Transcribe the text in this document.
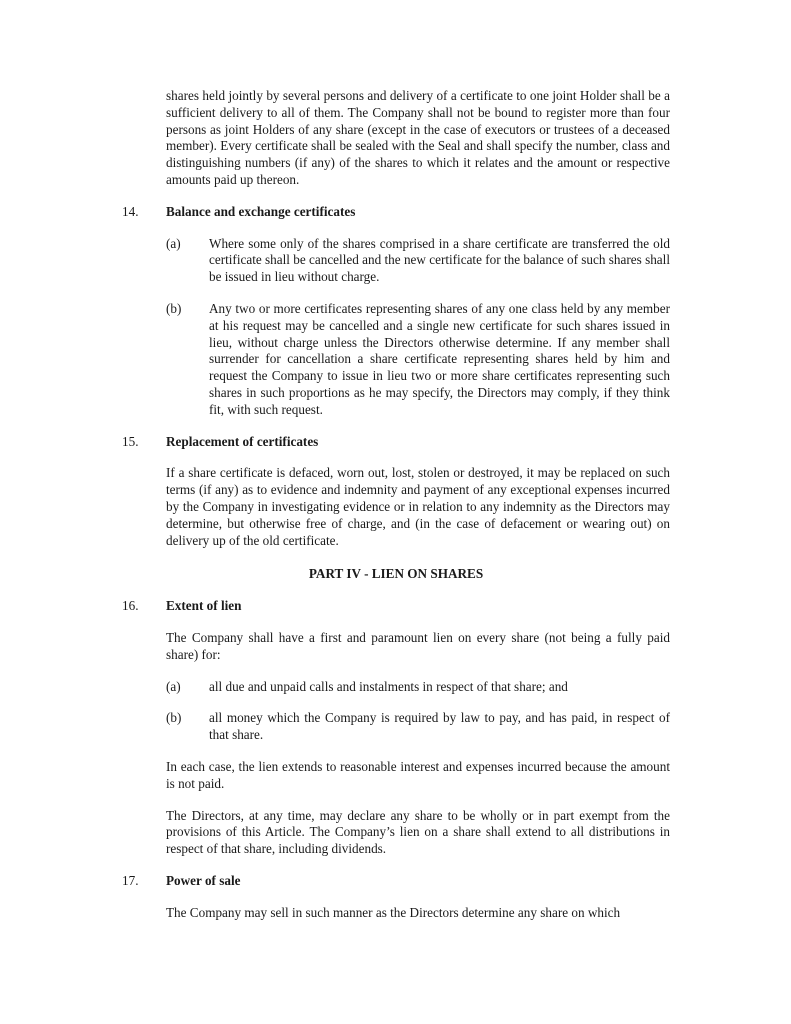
shares held jointly by several persons and delivery of a certificate to one joint Holder shall be a sufficient delivery to all of them. The Company shall not be bound to register more than four persons as joint Holders of any share (except in the case of executors or trustees of a deceased member). Every certificate shall be sealed with the Seal and shall specify the number, class and distinguishing numbers (if any) of the shares to which it relates and the amount or respective amounts paid up thereon.
14.	Balance and exchange certificates
(a)	Where some only of the shares comprised in a share certificate are transferred the old certificate shall be cancelled and the new certificate for the balance of such shares shall be issued in lieu without charge.
(b)	Any two or more certificates representing shares of any one class held by any member at his request may be cancelled and a single new certificate for such shares issued in lieu, without charge unless the Directors otherwise determine. If any member shall surrender for cancellation a share certificate representing shares held by him and request the Company to issue in lieu two or more share certificates representing such shares in such proportions as he may specify, the Directors may comply, if they think fit, with such request.
15.	Replacement of certificates
If a share certificate is defaced, worn out, lost, stolen or destroyed, it may be replaced on such terms (if any) as to evidence and indemnity and payment of any exceptional expenses incurred by the Company in investigating evidence or in relation to any indemnity as the Directors may determine, but otherwise free of charge, and (in the case of defacement or wearing out) on delivery up of the old certificate.
PART IV - LIEN ON SHARES
16.	Extent of lien
The Company shall have a first and paramount lien on every share (not being a fully paid share) for:
(a)	all due and unpaid calls and instalments in respect of that share; and
(b)	all money which the Company is required by law to pay, and has paid, in respect of that share.
In each case, the lien extends to reasonable interest and expenses incurred because the amount is not paid.
The Directors, at any time, may declare any share to be wholly or in part exempt from the provisions of this Article. The Company’s lien on a share shall extend to all distributions in respect of that share, including dividends.
17.	Power of sale
The Company may sell in such manner as the Directors determine any share on which
